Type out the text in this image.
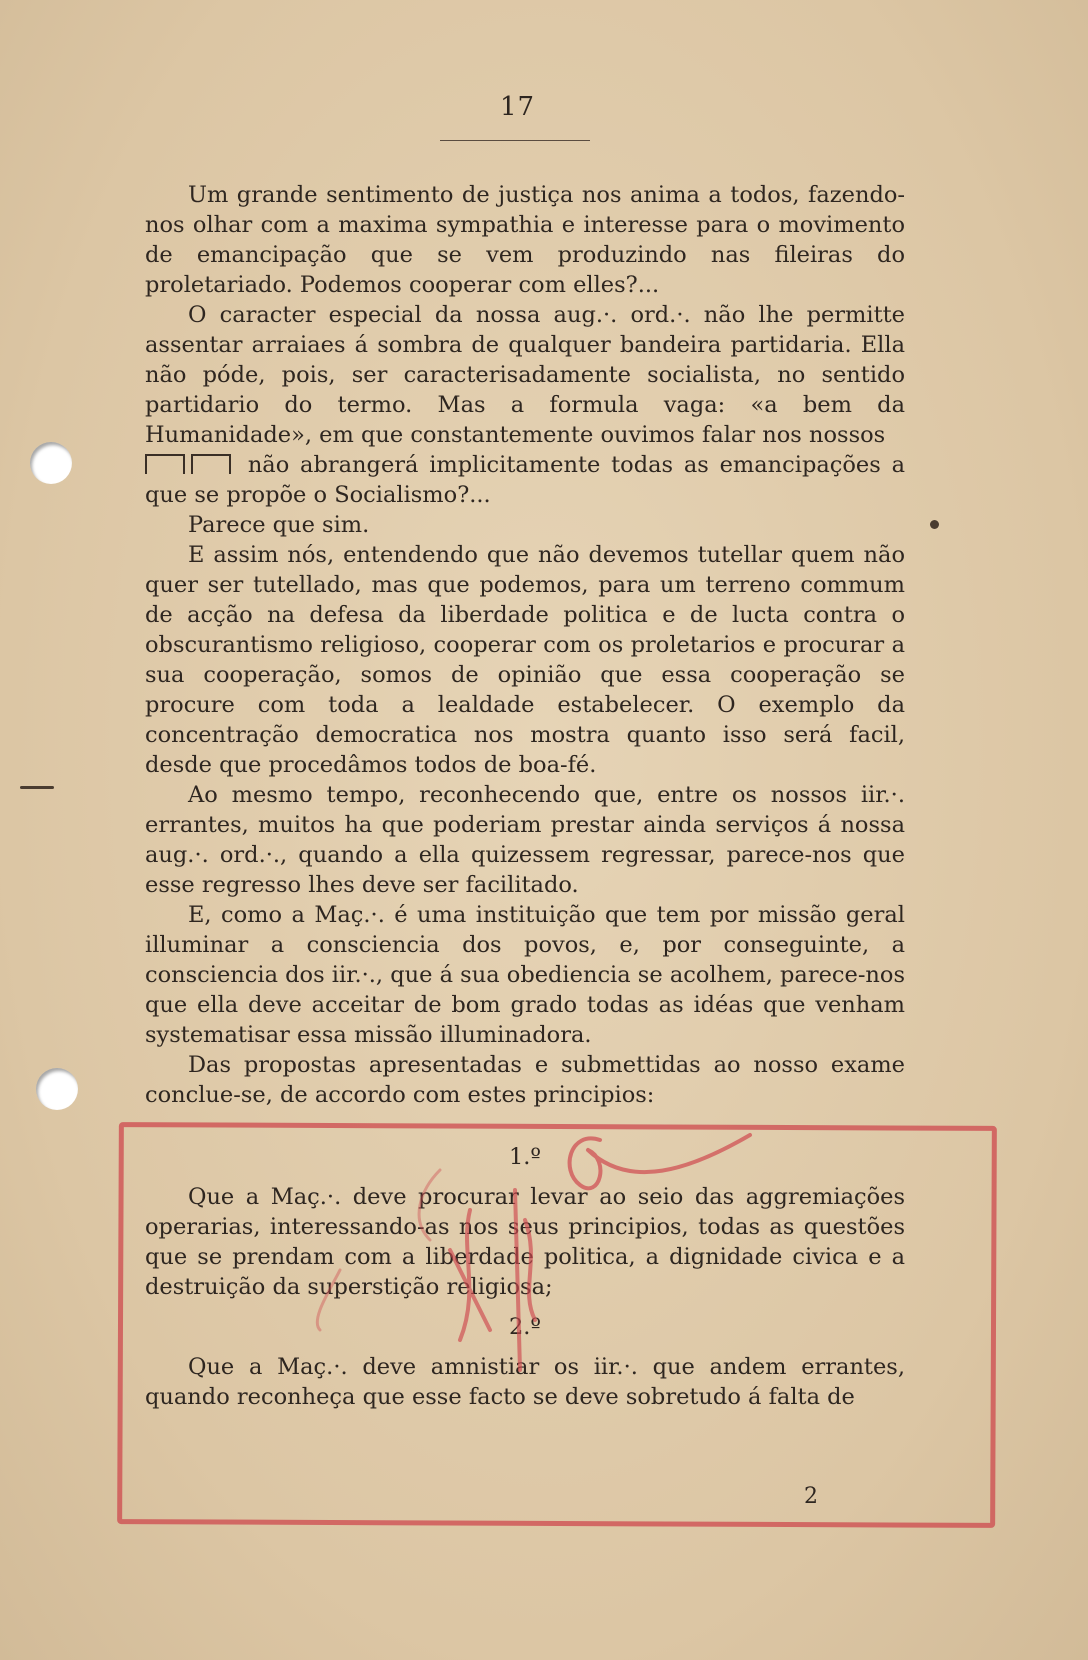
17

Um grande sentimento de justiça nos anima a todos, fazendo-nos olhar com a maxima sympathia e interesse para o movimento de emancipação que se vem produzindo nas fileiras do proletariado. Podemos cooperar com elles?...

O caracter especial da nossa aug.·. ord.·. não lhe permitte assentar arraiaes á sombra de qualquer bandeira partidaria. Ella não póde, pois, ser caracterisadamente socialista, no sentido partidario do termo. Mas a formula vaga: «a bem da Humanidade», em que constantemente ouvimos falar nos nossos

não abrangerá implicitamente todas as emancipações a que se propõe o Socialismo?...

Parece que sim.

E assim nós, entendendo que não devemos tutellar quem não quer ser tutellado, mas que podemos, para um terreno commum de acção na defesa da liberdade politica e de lucta contra o obscurantismo religioso, cooperar com os proletarios e procurar a sua cooperação, somos de opinião que essa cooperação se procure com toda a lealdade estabelecer. O exemplo da concentração democratica nos mostra quanto isso será facil, desde que procedâmos todos de boa-fé.

Ao mesmo tempo, reconhecendo que, entre os nossos iir.·. errantes, muitos ha que poderiam prestar ainda serviços á nossa aug.·. ord.·., quando a ella quizessem regressar, parece-nos que esse regresso lhes deve ser facilitado.

E, como a Maç.·. é uma instituição que tem por missão geral illuminar a consciencia dos povos, e, por conseguinte, a consciencia dos iir.·., que á sua obediencia se acolhem, parece-nos que ella deve acceitar de bom grado todas as idéas que venham systematisar essa missão illuminadora.

Das propostas apresentadas e submettidas ao nosso exame conclue-se, de accordo com estes principios:

1.º

Que a Maç.·. deve procurar levar ao seio das aggremiações operarias, interessando-as nos seus principios, todas as questões que se prendam com a liberdade politica, a dignidade civica e a destruição da superstição religiosa;

2.º

Que a Maç.·. deve amnistiar os iir.·. que andem errantes, quando reconheça que esse facto se deve sobretudo á falta de

2
